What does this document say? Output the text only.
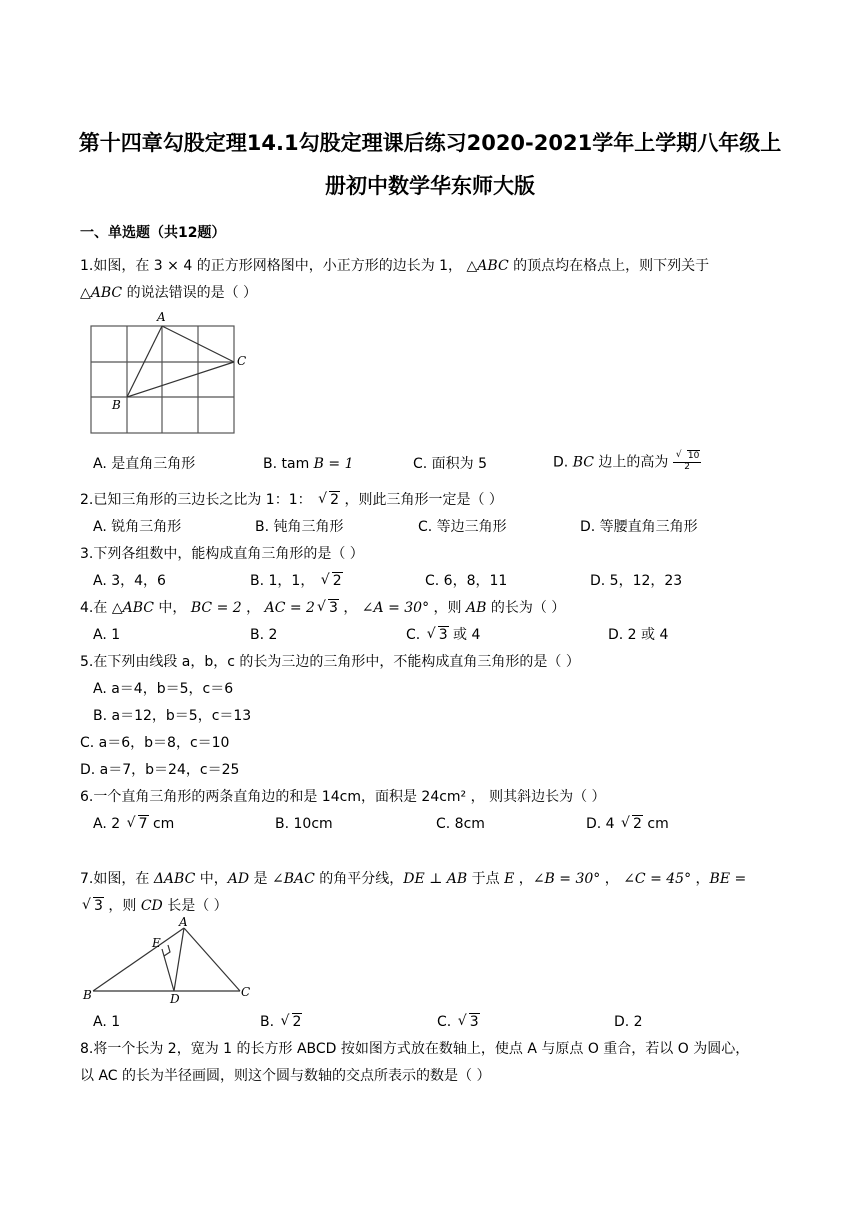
第十四章勾股定理14.1勾股定理课后练习2020-2021学年上学期八年级上
册初中数学华东师大版
一、单选题（共12题）
1.如图，在 3 × 4 的正方形网格图中，小正方形的边长为 1， △ABC 的顶点均在格点上，则下列关于
△ABC 的说法错误的是（ ）
A
C
B
A. 是直角三角形	B. tam B = 1	C. 面积为 5	D. BC 边上的高为 √ $\frac{10}{2}$
2.已知三角形的三边长之比为 1：1： √ 2 ，则此三角形一定是（ ）
A. 锐角三角形	B. 钝角三角形	C. 等边三角形	D. 等腰直角三角形
3.下列各组数中，能构成直角三角形的是（ ）
A. 3，4，6	B. 1，1， √ 2	C. 6，8，11	D. 5，12，23
4.在 △ABC 中， BC = 2 ， AC = 2 √ 3 ， ∠A = 30° ，则 AB 的长为（ ）
A. 1	B. 2	C. √ 3 或 4	D. 2 或 4
5.在下列由线段 a，b，c 的长为三边的三角形中，不能构成直角三角形的是（ ）
A. a＝4，b＝5，c＝6
B. a＝12，b＝5，c＝13
C. a＝6，b＝8，c＝10
D. a＝7，b＝24，c＝25
6.一个直角三角形的两条直角边的和是 14cm，面积是 24cm² ， 则其斜边长为（ ）
A. 2 √ 7 cm	B. 10cm	C. 8cm	D. 4 √ 2 cm
7.如图，在 ΔABC 中，AD 是 ∠BAC 的角平分线，DE ⊥ AB 于点 E ，∠B = 30° ， ∠C = 45° ，BE =
√ 3 ，则 CD 长是（ ）
A
E
B	D	C
A. 1	B. √ 2	C. √ 3	D. 2
8.将一个长为 2，宽为 1 的长方形 ABCD 按如图方式放在数轴上，使点 A 与原点 O 重合，若以 O 为圆心，
以 AC 的长为半径画圆，则这个圆与数轴的交点所表示的数是（ ）
